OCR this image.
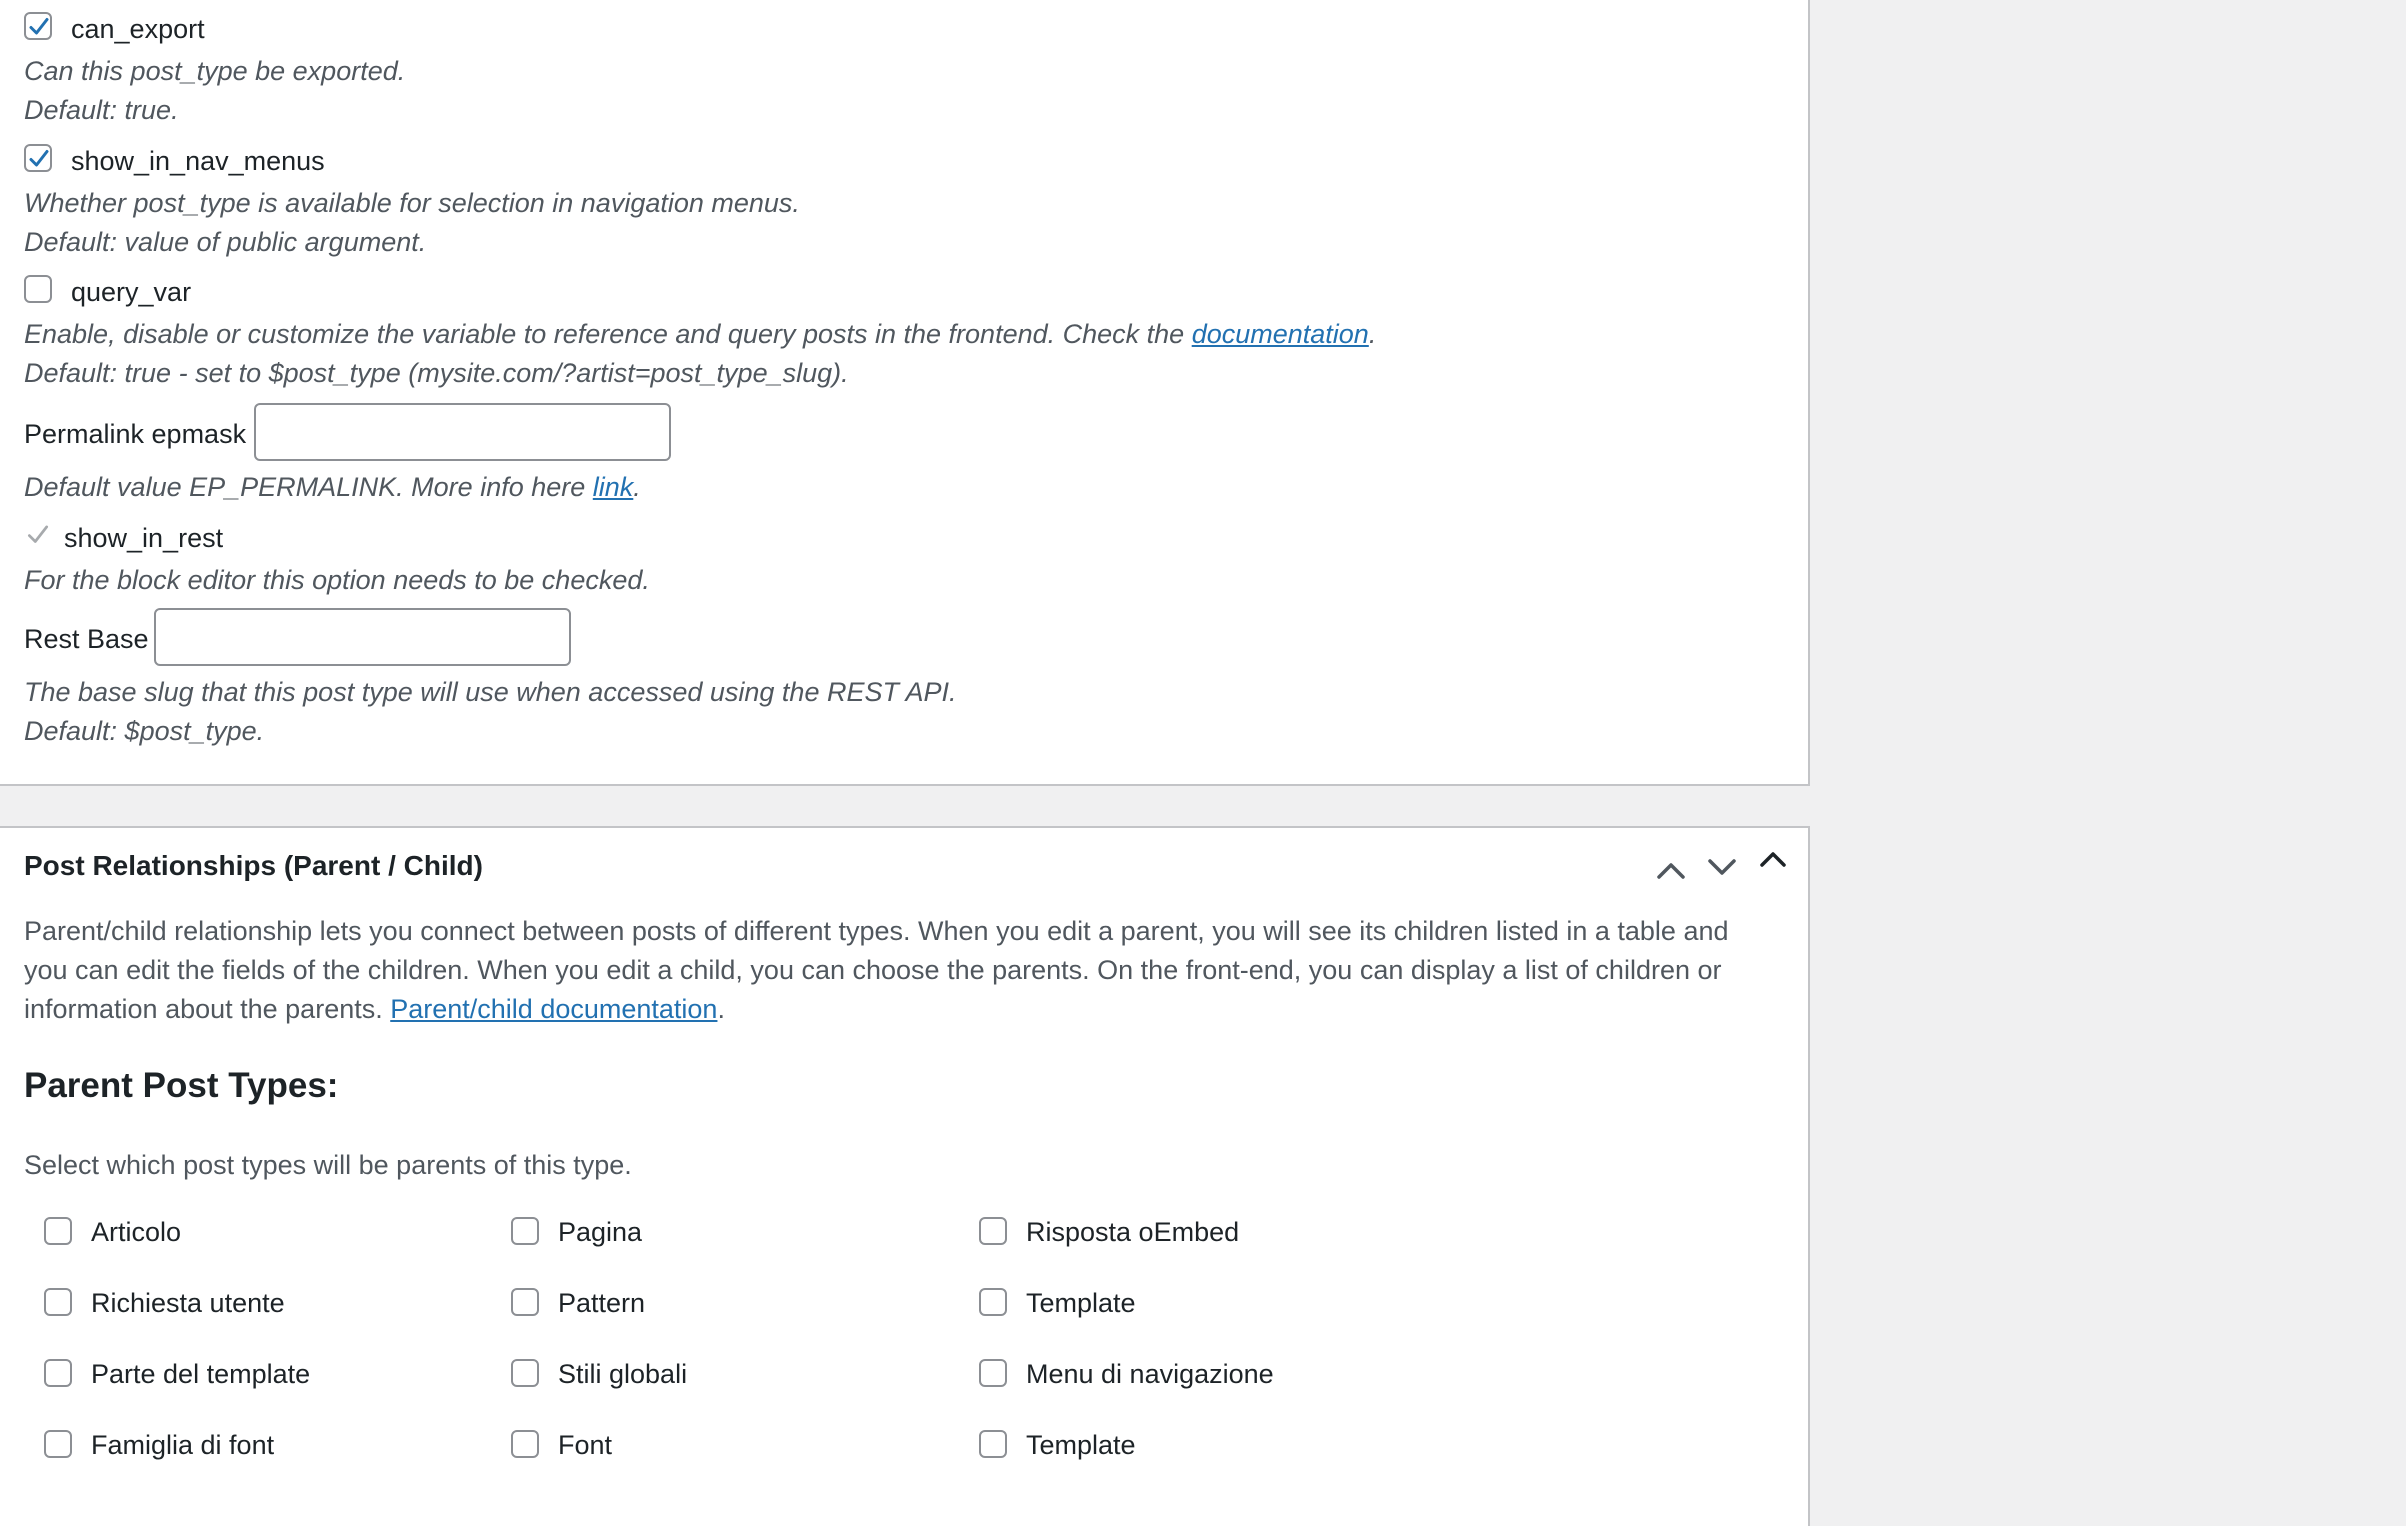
can_export
Can this post_type be exported.
Default: true.
show_in_nav_menus
Whether post_type is available for selection in navigation menus.
Default: value of public argument.
query_var
Enable, disable or customize the variable to reference and query posts in the frontend. Check the documentation.
Default: true - set to $post_type (mysite.com/?artist=post_type_slug).
Permalink epmask
Default value EP_PERMALINK. More info here link.
show_in_rest
For the block editor this option needs to be checked.
Rest Base
The base slug that this post type will use when accessed using the REST API.
Default: $post_type.
Post Relationships (Parent / Child)
Parent/child relationship lets you connect between posts of different types. When you edit a parent, you will see its children listed in a table and
you can edit the fields of the children. When you edit a child, you can choose the parents. On the front-end, you can display a list of children or
information about the parents. Parent/child documentation.
Parent Post Types:
Select which post types will be parents of this type.
Articolo	Pagina	Risposta oEmbed
Richiesta utente	Pattern	Template
Parte del template	Stili globali	Menu di navigazione
Famiglia di font	Font	Template
